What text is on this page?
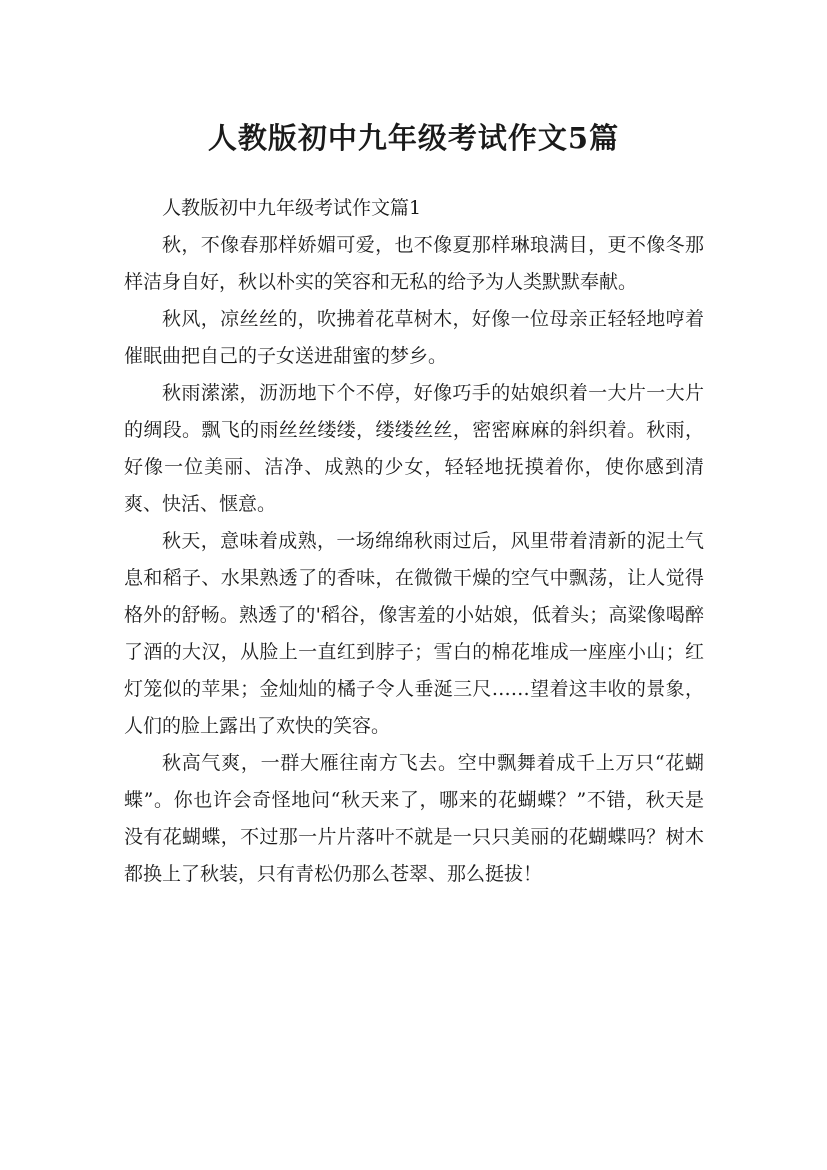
人教版初中九年级考试作文5篇

人教版初中九年级考试作文篇1

秋，不像春那样娇媚可爱，也不像夏那样琳琅满目，更不像冬那样洁身自好，秋以朴实的笑容和无私的给予为人类默默奉献。

秋风，凉丝丝的，吹拂着花草树木，好像一位母亲正轻轻地哼着催眠曲把自己的子女送进甜蜜的梦乡。

秋雨潆潆，沥沥地下个不停，好像巧手的姑娘织着一大片一大片的绸段。飘飞的雨丝丝缕缕，缕缕丝丝，密密麻麻的斜织着。秋雨，好像一位美丽、洁净、成熟的少女，轻轻地抚摸着你，使你感到清爽、快活、惬意。

秋天，意味着成熟，一场绵绵秋雨过后，风里带着清新的泥土气息和稻子、水果熟透了的香味，在微微干燥的空气中飘荡，让人觉得格外的舒畅。熟透了的'稻谷，像害羞的小姑娘，低着头；高粱像喝醉了酒的大汉，从脸上一直红到脖子；雪白的棉花堆成一座座小山；红灯笼似的苹果；金灿灿的橘子令人垂涎三尺……望着这丰收的景象，人们的脸上露出了欢快的笑容。

秋高气爽，一群大雁往南方飞去。空中飘舞着成千上万只“花蝴蝶”。你也许会奇怪地问“秋天来了，哪来的花蝴蝶？”不错，秋天是没有花蝴蝶，不过那一片片落叶不就是一只只美丽的花蝴蝶吗？树木都换上了秋装，只有青松仍那么苍翠、那么挺拔！
